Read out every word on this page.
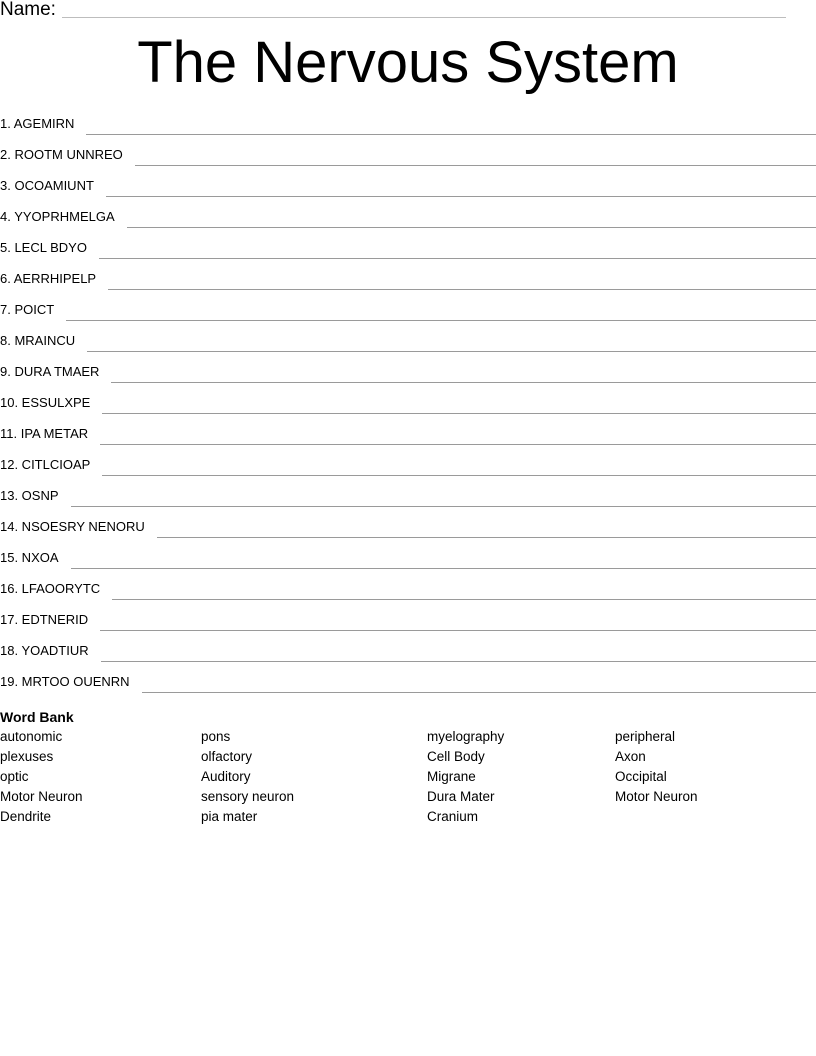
Name:
The Nervous System
1. AGEMIRN
2. ROOTM UNNREO
3. OCOAMIUNT
4. YYOPRHMELGA
5. LECL BDYO
6. AERRHIPELP
7. POICT
8. MRAINCU
9. DURA TMAER
10. ESSULXPE
11. IPA METAR
12. CITLCIOAP
13. OSNP
14. NSOESRY NENORU
15. NXOA
16. LFAOORYTC
17. EDTNERID
18. YOADTIUR
19. MRTOO OUENRN
Word Bank
autonomic
plexuses
optic
Motor Neuron
Dendrite
pons
olfactory
Auditory
sensory neuron
pia mater
myelography
Cell Body
Migrane
Dura Mater
Cranium
peripheral
Axon
Occipital
Motor Neuron
